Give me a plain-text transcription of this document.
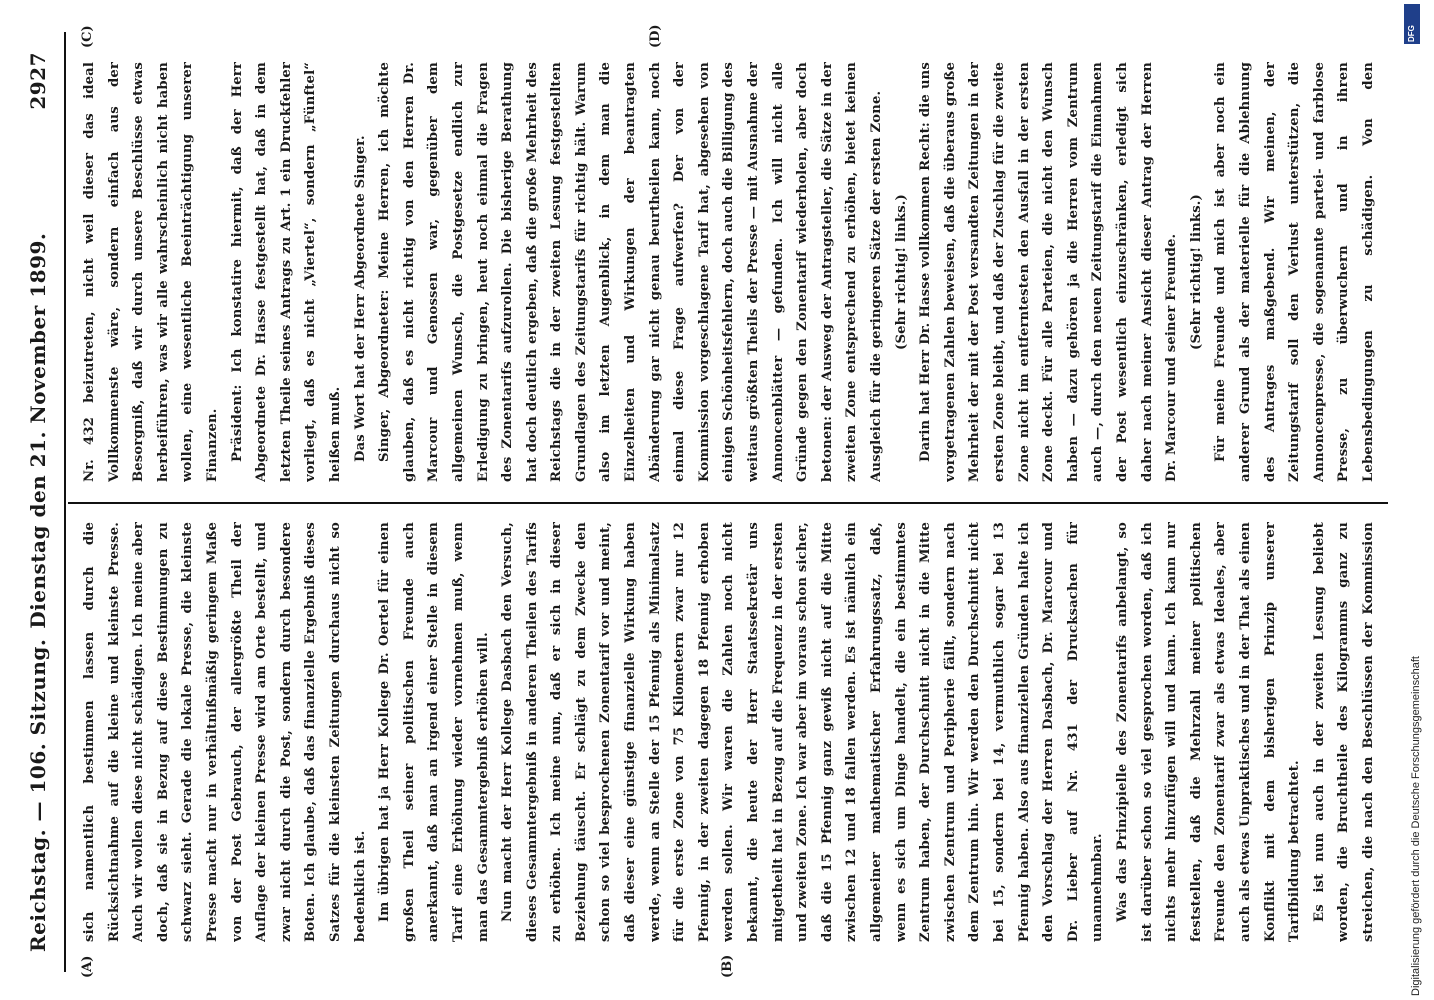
Reichstag. — 106. Sitzung.
Dienstag den 21. November 1899.
2927
(A)	(B)
(C)	(D)

sich namentlich bestimmen lassen durch die Rücksichtnahme auf die kleine und kleinste Presse. Auch wir wollen diese nicht schädigen. Ich meine aber doch, daß sie in Bezug auf diese Bestimmungen zu schwarz sieht. Gerade die lokale Presse, die kleinste Presse macht nur in verhältnißmäßig geringem Maße von der Post Gebrauch, der allergrößte Theil der Auflage der kleinen Presse wird am Orte bestellt, und zwar nicht durch die Post, sondern durch besondere Boten. Ich glaube, daß das finanzielle Ergebniß dieses Satzes für die kleinsten Zeitungen durchaus nicht so bedenklich ist. Im übrigen hat ja Herr Kollege Dr. Oertel für einen großen Theil seiner politischen Freunde auch anerkannt, daß man an irgend einer Stelle in diesem Tarif eine Erhöhung wieder vornehmen muß, wenn man das Gesammtergebniß erhöhen will. Nun macht der Herr Kollege Dasbach den Versuch, dieses Gesammtergebniß in anderen Theilen des Tarifs zu erhöhen. Ich meine nun, daß er sich in dieser Beziehung täuscht. Er schlägt zu dem Zwecke den schon so viel besprochenen Zonentarif vor und meint, daß dieser eine günstige finanzielle Wirkung haben werde, wenn an Stelle der 15 Pfennig als Minimalsatz für die erste Zone von 75 Kilometern zwar nur 12 Pfennig, in der zweiten dagegen 18 Pfennig erhoben werden sollen. Wir waren die Zahlen noch nicht bekannt, die heute der Herr Staatssekretär uns mitgetheilt hat in Bezug auf die Frequenz in der ersten und zweiten Zone. Ich war aber im voraus schon sicher, daß die 15 Pfennig ganz gewiß nicht auf die Mitte zwischen 12 und 18 fallen werden. Es ist nämlich ein allgemeiner mathematischer Erfahrungssatz, daß, wenn es sich um Dinge handelt, die ein bestimmtes Zentrum haben, der Durchschnitt nicht in die Mitte zwischen Zentrum und Peripherie fällt, sondern nach dem Zentrum hin. Wir werden den Durchschnitt nicht bei 15, sondern bei 14, vermuthlich sogar bei 13 Pfennig haben. Also aus finanziellen Gründen halte ich den Vorschlag der Herren Dasbach, Dr. Marcour und Dr. Lieber auf Nr. 431 der Drucksachen für unannehmbar. Was das Prinzipielle des Zonentarifs anbelangt, so ist darüber schon so viel gesprochen worden, daß ich nichts mehr hinzufügen will und kann. Ich kann nur feststellen, daß die Mehrzahl meiner politischen Freunde den Zonentarif zwar als etwas Ideales, aber auch als etwas Unpraktisches und in der That als einen Konflikt mit dem bisherigen Prinzip unserer Tarifbildung betrachtet. Es ist nun auch in der zweiten Lesung beliebt worden, die Bruchtheile des Kilogramms ganz zu streichen, die nach den Beschlüssen der Kommission

Nr. 432 beizutreten, nicht weil dieser das ideal Vollkommenste wäre, sondern einfach aus der Besorgniß, daß wir durch unsere Beschlüsse etwas herbeiführen, was wir alle wahrscheinlich nicht haben wollen, eine wesentliche Beeinträchtigung unserer Finanzen. Präsident: Ich konstatire hiermit, daß der Herr Abgeordnete Dr. Hasse festgestellt hat, daß in dem letzten Theile seines Antrags zu Art. 1 ein Druckfehler vorliegt, daß es nicht „Viertel“, sondern „Fünftel“ heißen muß. Das Wort hat der Herr Abgeordnete Singer. Singer, Abgeordneter: Meine Herren, ich möchte glauben, daß es nicht richtig von den Herren Dr. Marcour und Genossen war, gegenüber dem allgemeinen Wunsch, die Postgesetze endlich zur Erledigung zu bringen, heut noch einmal die Fragen des Zonentarifs aufzurollen. Die bisherige Berathung hat doch deutlich ergeben, daß die große Mehrheit des Reichstags die in der zweiten Lesung festgestellten Grundlagen des Zeitungstarifs für richtig hält. Warum also im letzten Augenblick, in dem man die Einzelheiten und Wirkungen der beantragten Abänderung gar nicht genau beurtheilen kann, noch einmal diese Frage aufwerfen? Der von der Kommission vorgeschlagene Tarif hat, abgesehen von einigen Schönheitsfehlern, doch auch die Billigung des weitaus größten Theils der Presse — mit Ausnahme der Annoncenblätter — gefunden. Ich will nicht alle Gründe gegen den Zonentarif wiederholen, aber doch betonen: der Ausweg der Antragsteller, die Sätze in der zweiten Zone entsprechend zu erhöhen, bietet keinen Ausgleich für die geringeren Sätze der ersten Zone. (Sehr richtig! links.) Darin hat Herr Dr. Hasse vollkommen Recht: die uns vorgetragenen Zahlen beweisen, daß die überaus große Mehrheit der mit der Post versandten Zeitungen in der ersten Zone bleibt, und daß der Zuschlag für die zweite Zone nicht im entferntesten den Ausfall in der ersten Zone deckt. Für alle Parteien, die nicht den Wunsch haben — dazu gehören ja die Herren vom Zentrum auch —, durch den neuen Zeitungstarif die Einnahmen der Post wesentlich einzuschränken, erledigt sich daher nach meiner Ansicht dieser Antrag der Herren Dr. Marcour und seiner Freunde. (Sehr richtig! links.)

Für meine Freunde und mich ist aber noch ein anderer Grund als der materielle für die Ablehnung des Antrages maßgebend. Wir meinen, der Zeitungstarif soll den Verlust unterstützen, die Annoncenpresse, die sogenannte partei- und farblose Presse, zu überwuchern und in ihren Lebensbedingungen zu schädigen. Von den

DFG
Digitalisierung gefördert durch die Deutsche Forschungsgemeinschaft
